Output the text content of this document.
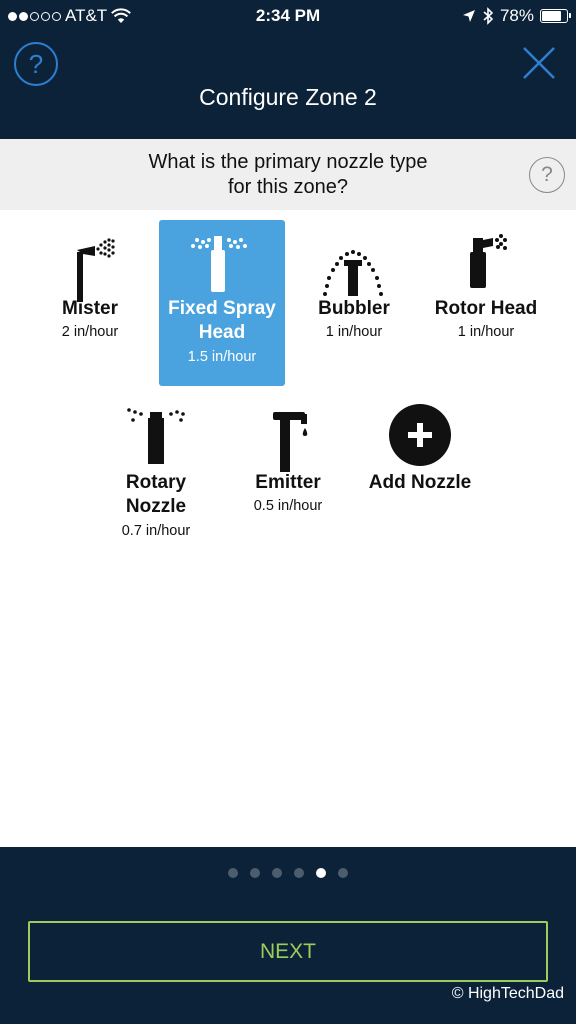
AT&T	2:34 PM	78%
?
Configure Zone 2
What is the primary nozzle type
for this zone?
?
Mister
2 in/hour
Fixed Spray
Head
1.5 in/hour
Bubbler
1 in/hour
Rotor Head
1 in/hour
Rotary
Nozzle
0.7 in/hour
Emitter
0.5 in/hour
Add Nozzle
NEXT
© HighTechDad
